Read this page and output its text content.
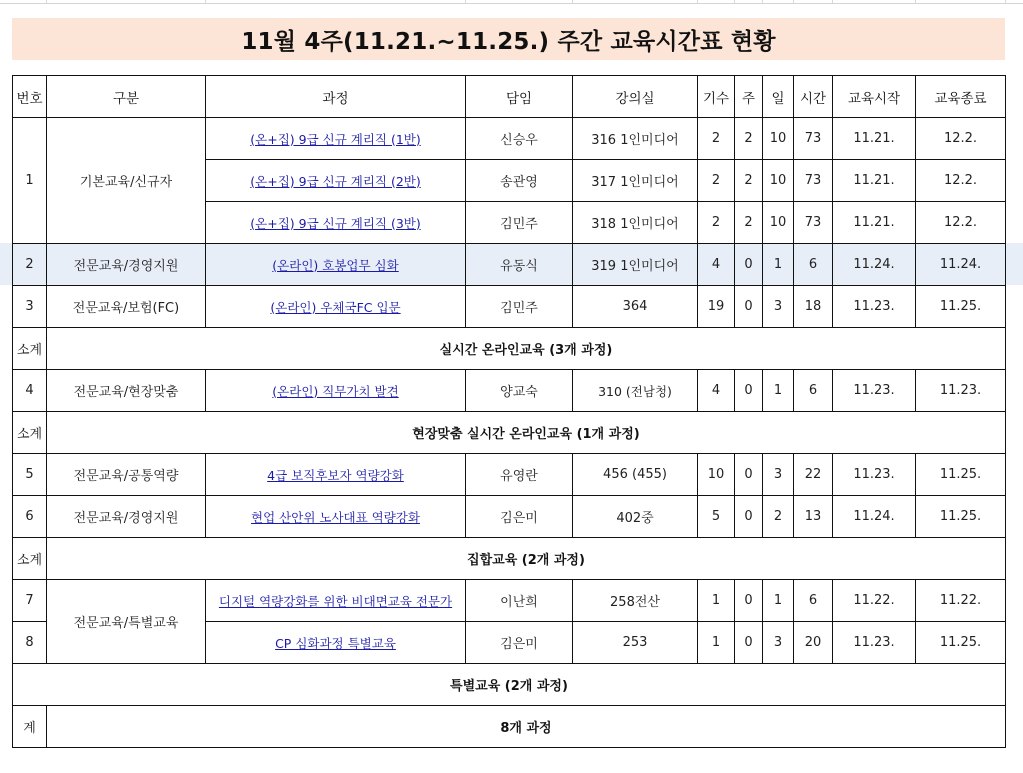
11월 4주(11.21.~11.25.) 주간 교육시간표 현황
번호	구분	과정	담임	강의실	기수	주	일	시간	교육시작	교육종료
1	기본교육/신규자	(온+집) 9급 신규 계리직 (1반)	신승우	316 1인미디어	2	2	10	73	11.21.	12.2.
		(온+집) 9급 신규 계리직 (2반)	송관영	317 1인미디어	2	2	10	73	11.21.	12.2.
		(온+집) 9급 신규 계리직 (3반)	김민주	318 1인미디어	2	2	10	73	11.21.	12.2.
2	전문교육/경영지원	(온라인) 호봉업무 심화	유동식	319 1인미디어	4	0	1	6	11.24.	11.24.
3	전문교육/보험(FC)	(온라인) 우체국FC 입문	김민주	364	19	0	3	18	11.23.	11.25.
소계	실시간 온라인교육 (3개 과정)									
4	전문교육/현장맞춤	(온라인) 직무가치 발견	양교숙	310 (전남청)	4	0	1	6	11.23.	11.23.
소계	현장맞춤 실시간 온라인교육 (1개 과정)									
5	전문교육/공통역량	4급 보직후보자 역량강화	유영란	456 (455)	10	0	3	22	11.23.	11.25.
6	전문교육/경영지원	현업 산안위 노사대표 역량강화	김은미	402중	5	0	2	13	11.24.	11.25.
소계	집합교육 (2개 과정)									
7	전문교육/특별교육	디지털 역량강화를 위한 비대면교육 전문가	이난희	258전산	1	0	1	6	11.22.	11.22.
8		CP 심화과정 특별교육	김은미	253	1	0	3	20	11.23.	11.25.
특별교육 (2개 과정)										
계	8개 과정									
